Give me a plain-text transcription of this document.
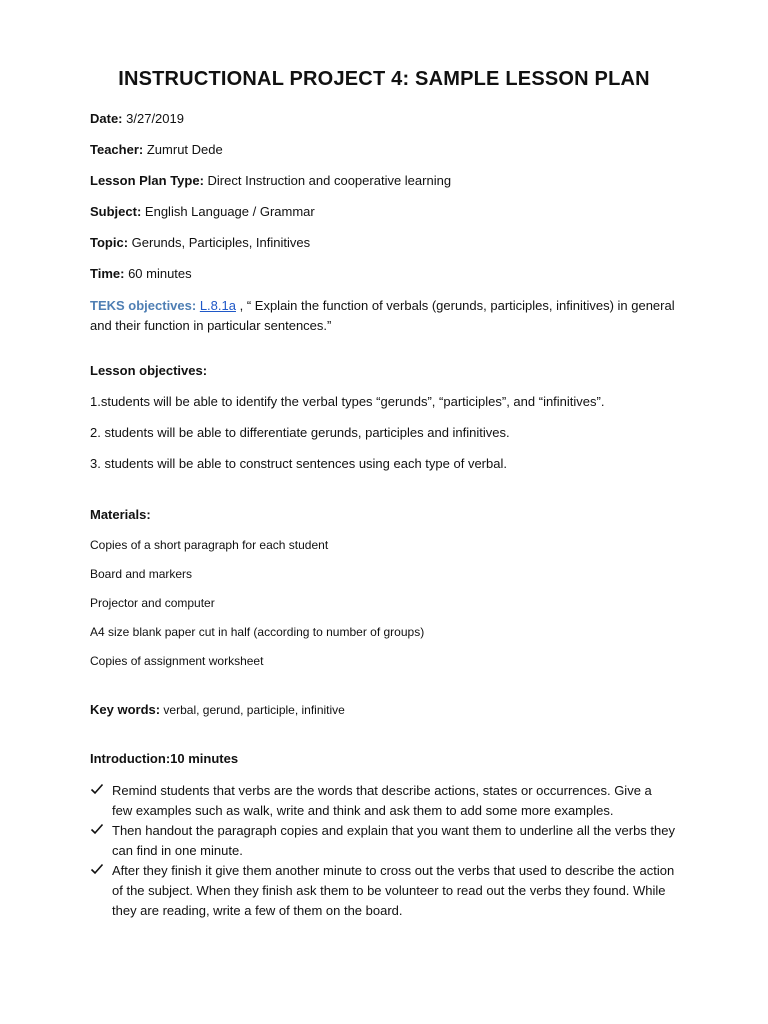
INSTRUCTIONAL PROJECT 4: SAMPLE LESSON PLAN
Date: 3/27/2019
Teacher: Zumrut Dede
Lesson Plan Type: Direct Instruction and cooperative learning
Subject: English Language / Grammar
Topic: Gerunds, Participles, Infinitives
Time: 60 minutes
TEKS objectives: L.8.1a , “ Explain the function of verbals (gerunds, participles, infinitives) in general and their function in particular sentences.”
Lesson objectives:
1.students will be able to identify the verbal types “gerunds”, “participles”, and “infinitives”.
2. students will be able to differentiate gerunds, participles and infinitives.
3. students will be able to construct sentences using each type of verbal.
Materials:
Copies of a short paragraph for each student
Board and markers
Projector and computer
A4 size blank paper cut in half (according to number of groups)
Copies of assignment worksheet
Key words: verbal, gerund, participle, infinitive
Introduction:10 minutes
Remind students that verbs are the words that describe actions, states or occurrences. Give a few examples such as walk, write and think and ask them to add some more examples.
Then handout the paragraph copies and explain that you want them to underline all the verbs they can find in one minute.
After they finish it give them another minute to cross out the verbs that used to describe the action of the subject. When they finish ask them to be volunteer to read out the verbs they found. While they are reading, write a few of them on the board.
